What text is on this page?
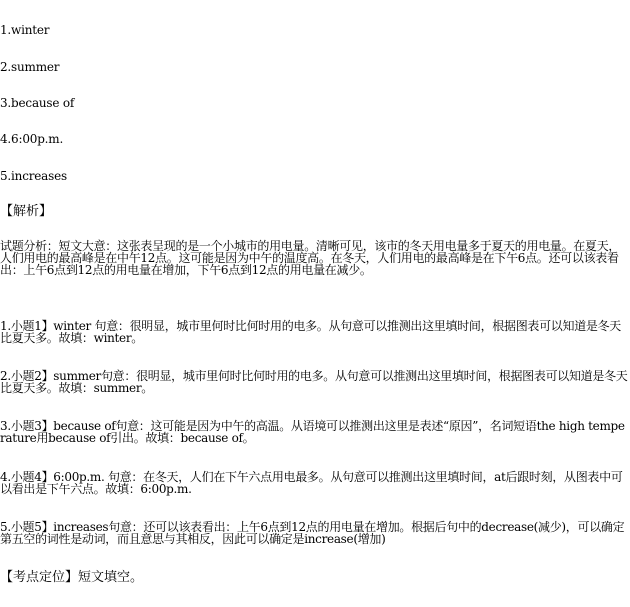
1.winter
2.summer
3.because of
4.6:00p.m.
5.increases
【解析】
试题分析：短文大意：这张表呈现的是一个小城市的用电量。清晰可见，该市的冬天用电量多于夏天的用电量。在夏天，人们用电的最高峰是在中午12点。这可能是因为中午的温度高。在冬天，人们用电的最高峰是在下午6点。还可以该表看出：上午6点到12点的用电量在增加，下午6点到12点的用电量在减少。
1.小题1】winter 句意：很明显，城市里何时比何时用的电多。从句意可以推测出这里填时间，根据图表可以知道是冬天比夏天多。故填：winter。
2.小题2】summer句意：很明显，城市里何时比何时用的电多。从句意可以推测出这里填时间，根据图表可以知道是冬天比夏天多。故填：summer。
3.小题3】because of句意：这可能是因为中午的高温。从语境可以推测出这里是表述“原因”，名词短语the high temperature用because of引出。故填：because of。
4.小题4】6:00p.m. 句意：在冬天，人们在下午六点用电最多。从句意可以推测出这里填时间，at后跟时刻，从图表中可以看出是下午六点。故填：6:00p.m.
5.小题5】increases句意：还可以该表看出：上午6点到12点的用电量在增加。根据后句中的decrease(减少)，可以确定第五空的词性是动词，而且意思与其相反，因此可以确定是increase(增加)
【考点定位】短文填空。
